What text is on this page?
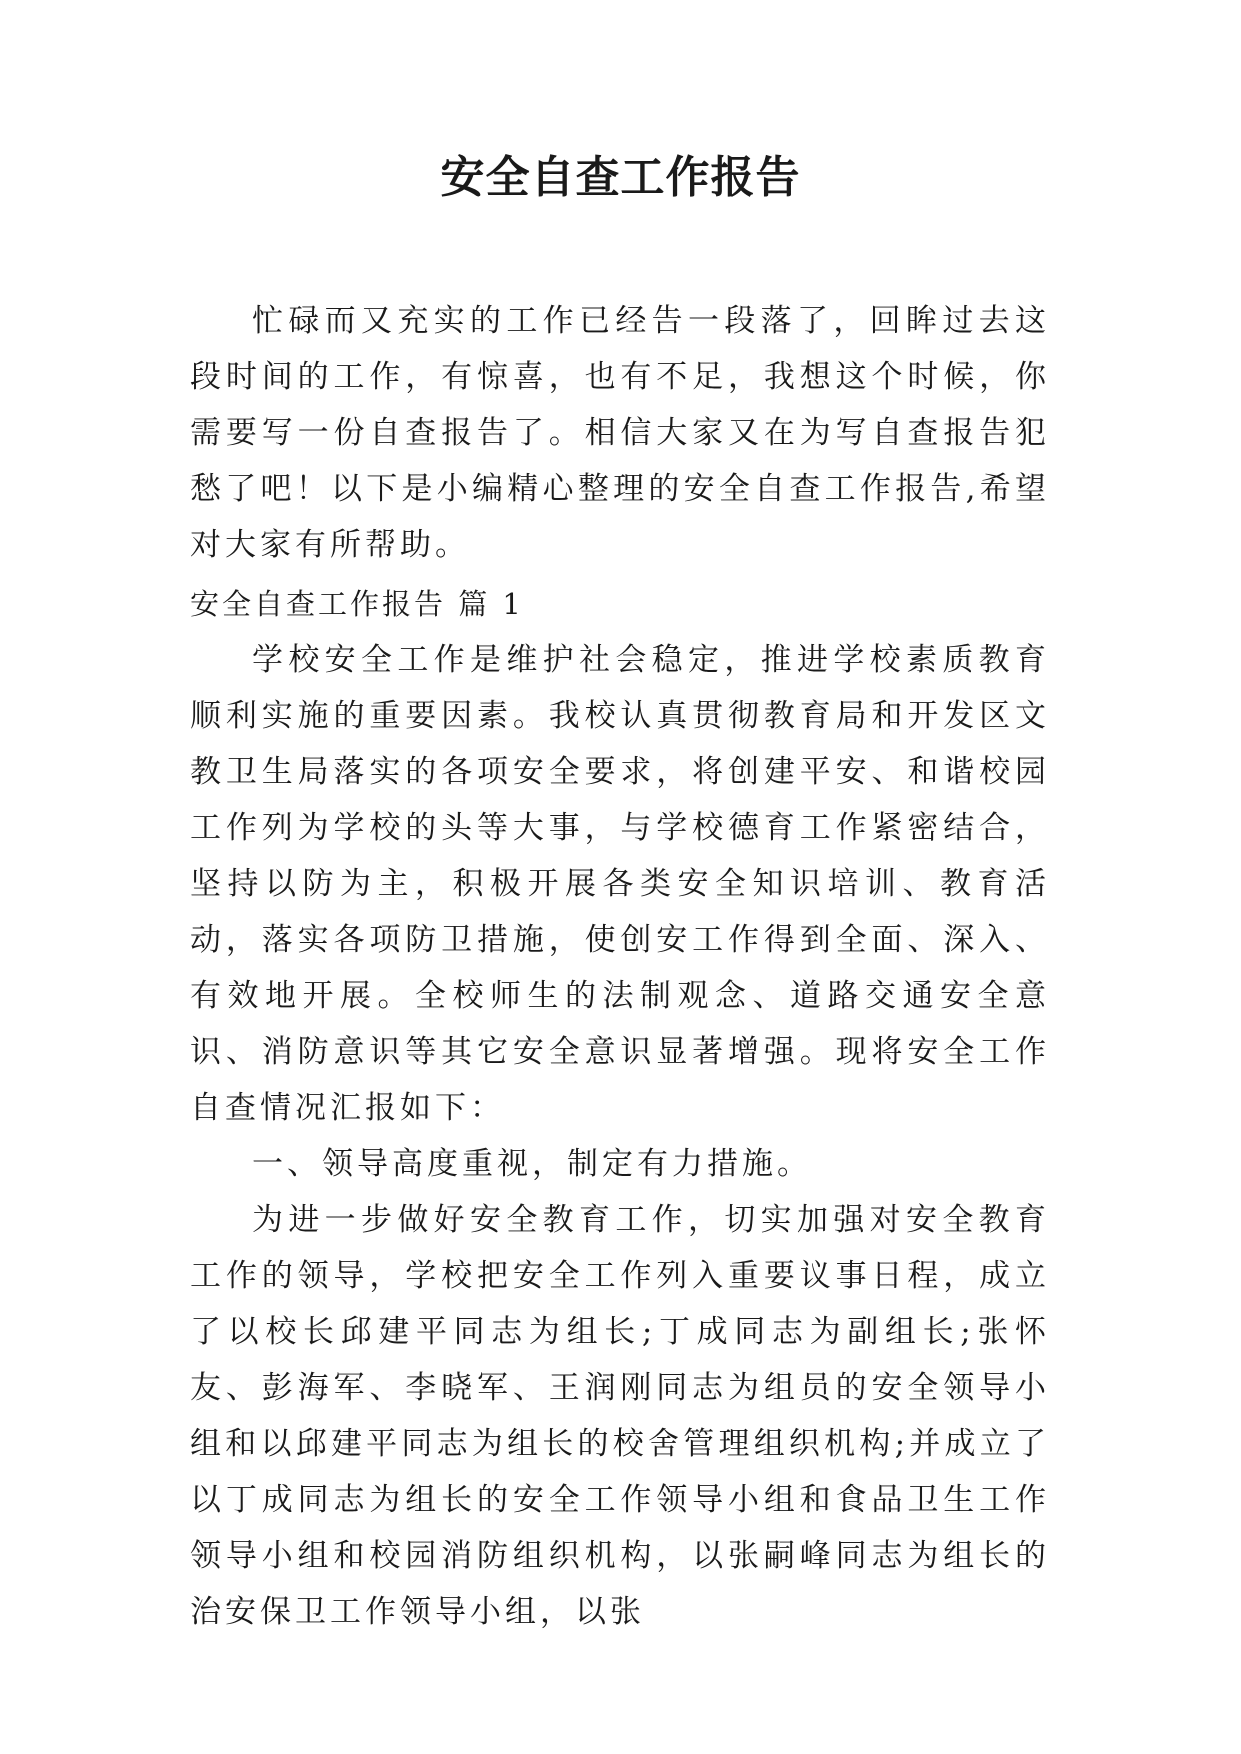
安全自查工作报告

忙碌而又充实的工作已经告一段落了，回眸过去这段时间的工作，有惊喜，也有不足，我想这个时候，你需要写一份自查报告了。相信大家又在为写自查报告犯愁了吧！以下是小编精心整理的安全自查工作报告,希望对大家有所帮助。

安全自查工作报告 篇 1

学校安全工作是维护社会稳定，推进学校素质教育顺利实施的重要因素。我校认真贯彻教育局和开发区文教卫生局落实的各项安全要求，将创建平安、和谐校园工作列为学校的头等大事，与学校德育工作紧密结合，坚持以防为主，积极开展各类安全知识培训、教育活动，落实各项防卫措施，使创安工作得到全面、深入、有效地开展。全校师生的法制观念、道路交通安全意识、消防意识等其它安全意识显著增强。现将安全工作自查情况汇报如下：

一、领导高度重视，制定有力措施。

为进一步做好安全教育工作，切实加强对安全教育工作的领导，学校把安全工作列入重要议事日程，成立了以校长邱建平同志为组长;丁成同志为副组长;张怀友、彭海军、李晓军、王润刚同志为组员的安全领导小组和以邱建平同志为组长的校舍管理组织机构;并成立了以丁成同志为组长的安全工作领导小组和食品卫生工作领导小组和校园消防组织机构，以张嗣峰同志为组长的治安保卫工作领导小组，以张
